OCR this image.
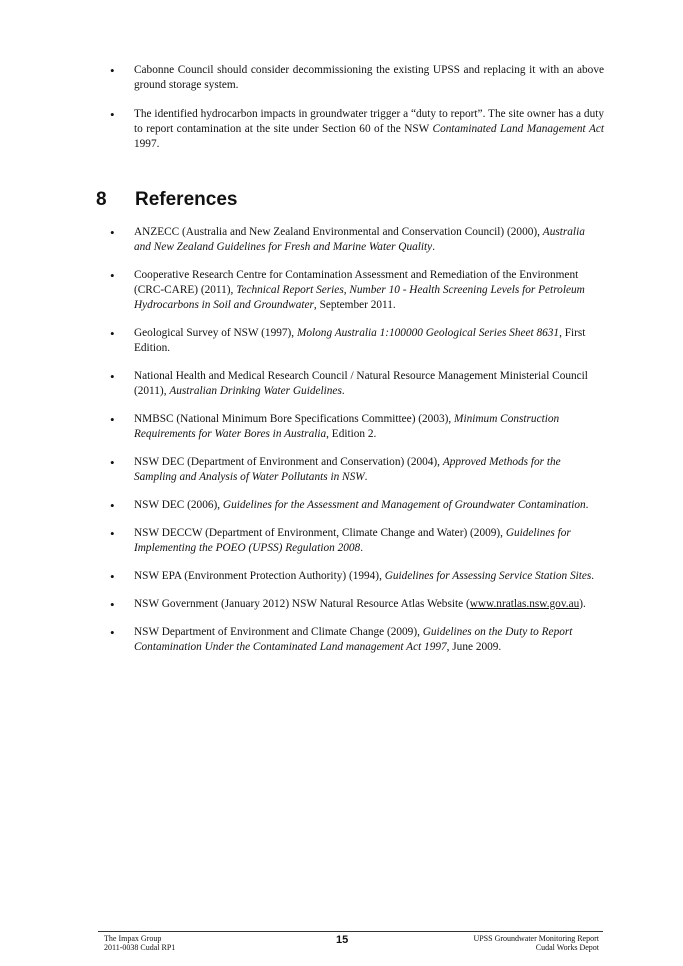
• Cabonne Council should consider decommissioning the existing UPSS and replacing it with an above ground storage system.
• The identified hydrocarbon impacts in groundwater trigger a “duty to report”. The site owner has a duty to report contamination at the site under Section 60 of the NSW Contaminated Land Management Act 1997.
8 References
• ANZECC (Australia and New Zealand Environmental and Conservation Council) (2000), Australia and New Zealand Guidelines for Fresh and Marine Water Quality.
• Cooperative Research Centre for Contamination Assessment and Remediation of the Environment (CRC-CARE) (2011), Technical Report Series, Number 10 - Health Screening Levels for Petroleum Hydrocarbons in Soil and Groundwater, September 2011.
• Geological Survey of NSW (1997), Molong Australia 1:100000 Geological Series Sheet 8631, First Edition.
• National Health and Medical Research Council / Natural Resource Management Ministerial Council (2011), Australian Drinking Water Guidelines.
• NMBSC (National Minimum Bore Specifications Committee) (2003), Minimum Construction Requirements for Water Bores in Australia, Edition 2.
• NSW DEC (Department of Environment and Conservation) (2004), Approved Methods for the Sampling and Analysis of Water Pollutants in NSW.
• NSW DEC (2006), Guidelines for the Assessment and Management of Groundwater Contamination.
• NSW DECCW (Department of Environment, Climate Change and Water) (2009), Guidelines for Implementing the POEO (UPSS) Regulation 2008.
• NSW EPA (Environment Protection Authority) (1994), Guidelines for Assessing Service Station Sites.
• NSW Government (January 2012) NSW Natural Resource Atlas Website (www.nratlas.nsw.gov.au).
• NSW Department of Environment and Climate Change (2009), Guidelines on the Duty to Report Contamination Under the Contaminated Land management Act 1997, June 2009.
The Impax Group
2011-0038 Cudal RP1
15	UPSS Groundwater Monitoring Report
Cudal Works Depot
